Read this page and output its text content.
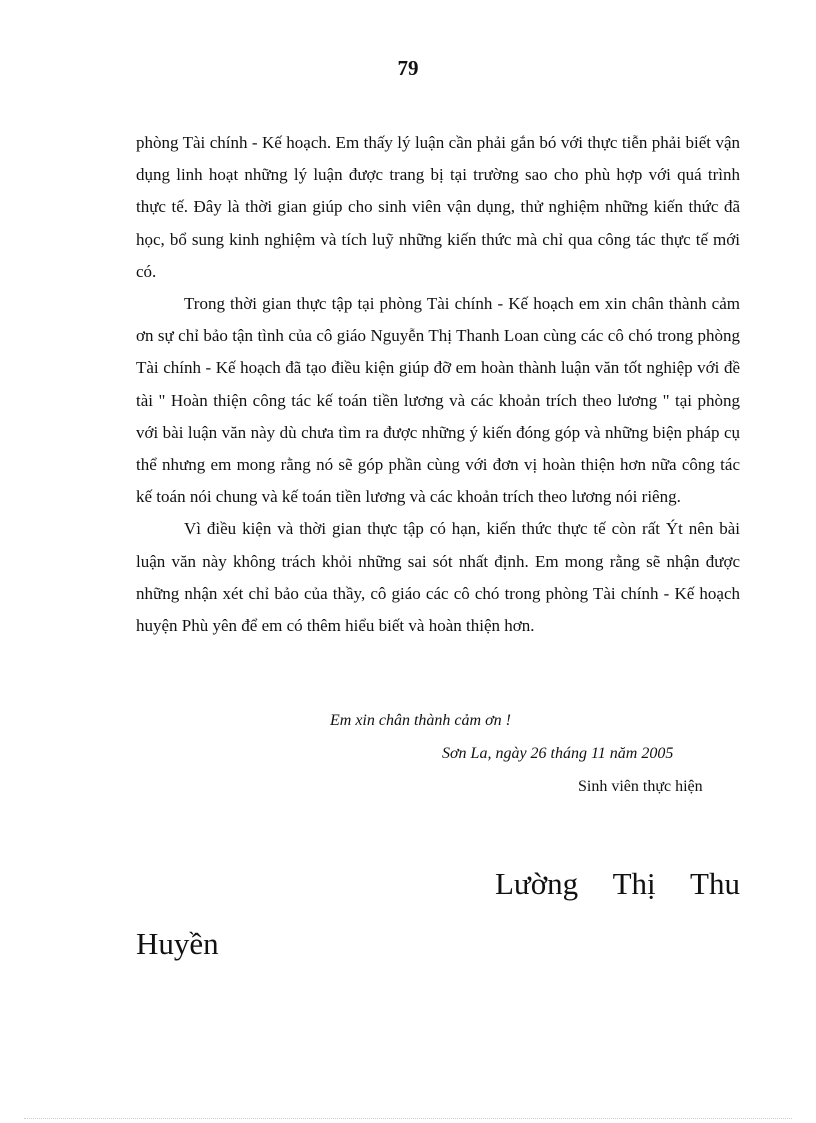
79

phòng Tài chính - Kế hoạch. Em thấy lý luận cần phải gắn bó với thực tiễn phải biết vận dụng linh hoạt những lý luận được trang bị tại trường sao cho phù hợp với quá trình thực tế. Đây là thời gian giúp cho sinh viên vận dụng, thử nghiệm những kiến thức đã học, bổ sung kinh nghiệm và tích luỹ những kiến thức mà chỉ qua công tác thực tế mới có.

Trong thời gian thực tập tại phòng Tài chính - Kế hoạch em xin chân thành cảm ơn sự chỉ bảo tận tình của cô giáo Nguyễn Thị Thanh Loan cùng các cô chó trong phòng Tài chính - Kế hoạch đã tạo điều kiện giúp đỡ em hoàn thành luận văn tốt nghiệp với đề tài " Hoàn thiện công tác kế toán tiền lương và các khoản trích theo lương " tại phòng với bài luận văn này dù chưa tìm ra được những ý kiến đóng góp và những biện pháp cụ thể nhưng em mong rằng nó sẽ góp phần cùng với đơn vị hoàn thiện hơn nữa công tác kế toán nói chung và kế toán tiền lương và các khoản trích theo lương nói riêng.

Vì điều kiện và thời gian thực tập có hạn, kiến thức thực tế còn rất Ýt nên bài luận văn này không trách khỏi những sai sót nhất định. Em mong rằng sẽ nhận được những nhận xét chỉ bảo của thầy, cô giáo các cô chó trong phòng Tài chính - Kế hoạch huyện Phù yên để em có thêm hiểu biết và hoàn thiện hơn.

Em xin chân thành cảm ơn !
Sơn La, ngày 26 tháng 11 năm 2005
Sinh viên thực hiện
Lường Thị Thu
Huyền
